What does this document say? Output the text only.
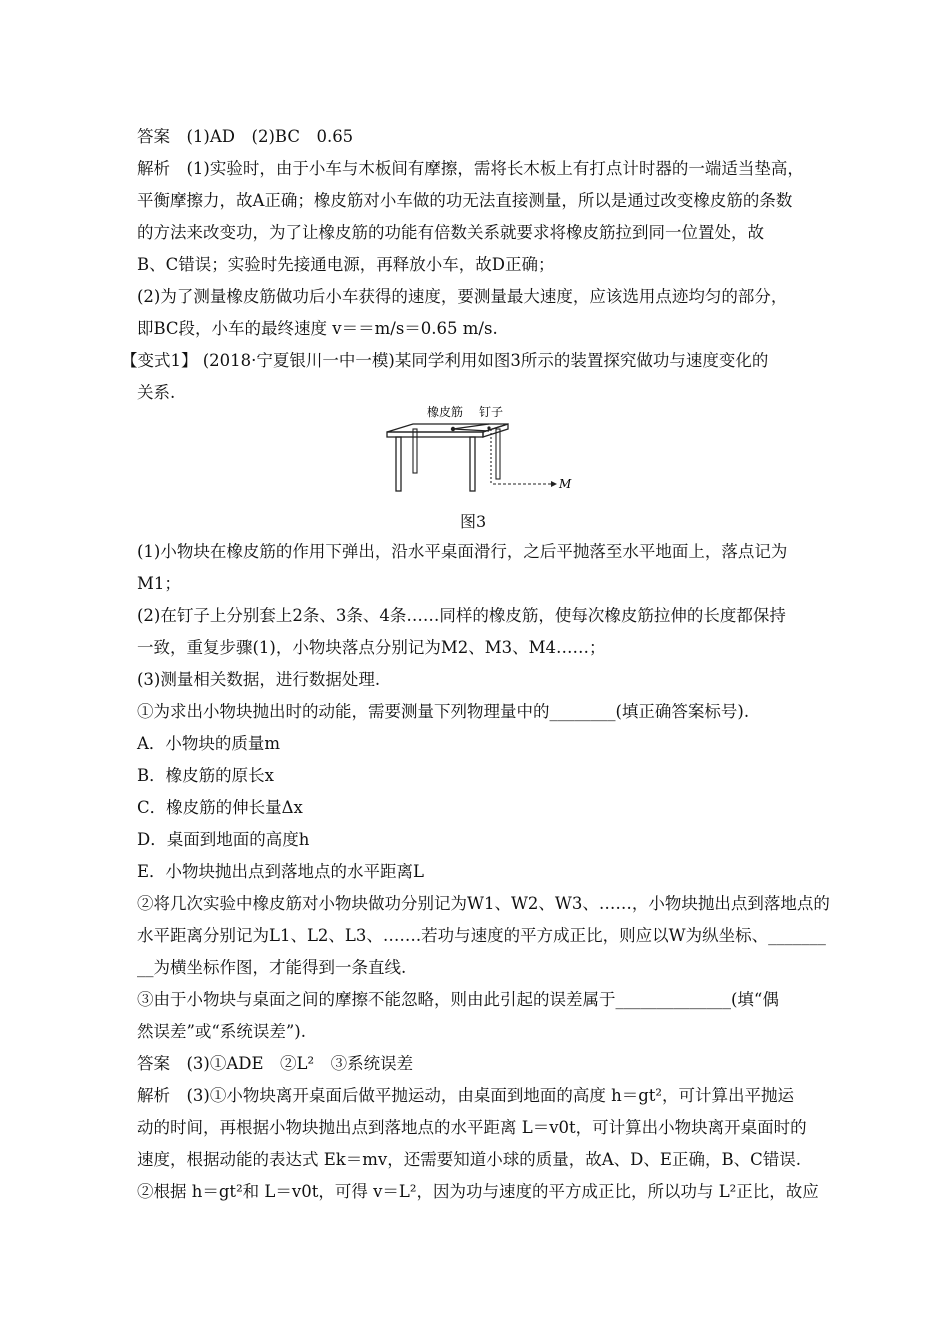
答案　(1)AD　(2)BC　0.65
解析　(1)实验时，由于小车与木板间有摩擦，需将长木板上有打点计时器的一端适当垫高，
平衡摩擦力，故A正确；橡皮筋对小车做的功无法直接测量，所以是通过改变橡皮筋的条数
的方法来改变功，为了让橡皮筋的功能有倍数关系就要求将橡皮筋拉到同一位置处，故
B、C错误；实验时先接通电源，再释放小车，故D正确；
(2)为了测量橡皮筋做功后小车获得的速度，要测量最大速度，应该选用点迹均匀的部分，
即BC段，小车的最终速度 v＝＝m/s＝0.65 m/s.
【变式1】 (2018·宁夏银川一中一模)某同学利用如图3所示的装置探究做功与速度变化的
关系.
橡皮筋 钉子
M
图3
(1)小物块在橡皮筋的作用下弹出，沿水平桌面滑行，之后平抛落至水平地面上，落点记为
M1；
(2)在钉子上分别套上2条、3条、4条……同样的橡皮筋，使每次橡皮筋拉伸的长度都保持
一致，重复步骤(1)，小物块落点分别记为M2、M3、M4……；
(3)测量相关数据，进行数据处理.
①为求出小物块抛出时的动能，需要测量下列物理量中的________(填正确答案标号).
A．小物块的质量m
B．橡皮筋的原长x
C．橡皮筋的伸长量Δx
D．桌面到地面的高度h
E．小物块抛出点到落地点的水平距离L
②将几次实验中橡皮筋对小物块做功分别记为W1、W2、W3、……，小物块抛出点到落地点的
水平距离分别记为L1、L2、L3、…….若功与速度的平方成正比，则应以W为纵坐标、_______
__为横坐标作图，才能得到一条直线.
③由于小物块与桌面之间的摩擦不能忽略，则由此引起的误差属于______________(填“偶
然误差”或“系统误差”).
答案　(3)①ADE　②L²　③系统误差
解析　(3)①小物块离开桌面后做平抛运动，由桌面到地面的高度 h＝gt²，可计算出平抛运
动的时间，再根据小物块抛出点到落地点的水平距离 L＝v0t，可计算出小物块离开桌面时的
速度，根据动能的表达式 Ek＝mv，还需要知道小球的质量，故A、D、E正确，B、C错误.
②根据 h＝gt²和 L＝v0t，可得 v＝L²，因为功与速度的平方成正比，所以功与 L²正比，故应
